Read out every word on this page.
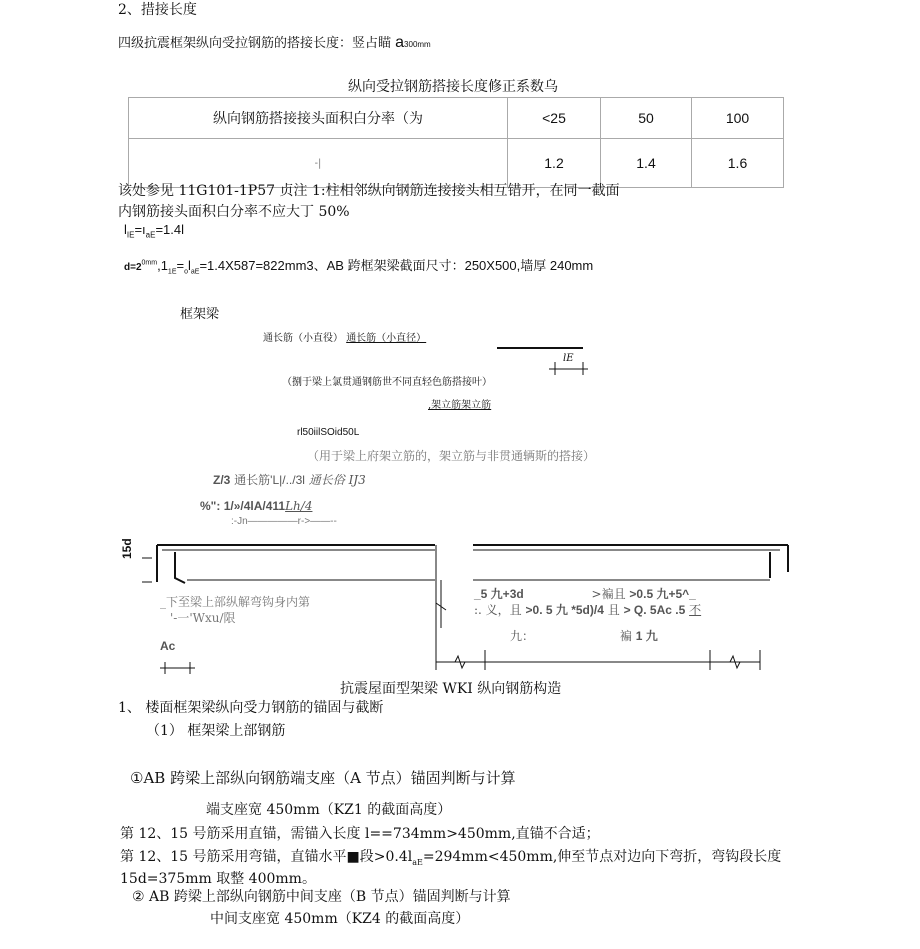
2、措接长度
四级抗震框架纵向受拉钢筋的搭接长度：竖占瞄 a300mm
纵向受拉钢筋搭接长度修正系数乌
纵向钢筋搭接接头面积白分率（为	<25	50	100
-|	1.2	1.4	1.6
该处参见 11G101-1P57 贞注 1:柱相邻纵向钢筋连接接头相互错开，在同一截面
内钢筋接头面积白分率不应大丁 50%
$l_{IE}=ı_{aE}=1.4l$
$d=2^{0mm},1_{1E}=_ol_{aE}=1.4X587=822mm3$、AB 跨框架梁截面尺寸：250X500,墙厚 240mm
框架梁
通长筋（小直役） 通长筋（小直径）
（捌于梁上氯贯通钢筋世不同直轻色筋搭接叶）
,架立筋架立筋
rl50iilSOid50L
（用于梁上府架立筋的，架立筋与非贯通辆斯的搭接）
Z/3 通长筋'L|/../3l 通长俗 IJ3
%": 1/»/4lA/411Lh/4
:-Jn—————r->——--
lE
15d
_下至梁上部纵解弯钩身内第
'-一'Wxu/限
Ac
_5 九+3d	>褊且 >0.5 九+5^_
:. 义，且 >0. 5 九 *5d)/4 且 > Q. 5Ac .5 不
九：	褊 1 九
抗震屋面型架梁 WKI 纵向钢筋构造
1、 楼面框架梁纵向受力钢筋的锚固与截断
（1） 框架梁上部钢筋
①AB 跨梁上部纵向钢筋端支座（A 节点）锚固判断与计算
端支座宽 450mm（KZ1 的截面高度）
第 12、15 号筋采用直锚，需锚入长度 l==734mm>450mm,直锚不合适；
第 12、15 号筋采用弯锚，直锚水平■段$>0.4l_{aE}=294mm<450mm$,伸至节点对边向下弯折，弯钩段长度
15d=375mm 取整 400mm。
② AB 跨梁上部纵向钢筋中间支座（B 节点）锚固判断与计算
中间支座宽 450mm（KZ4 的截面高度）
